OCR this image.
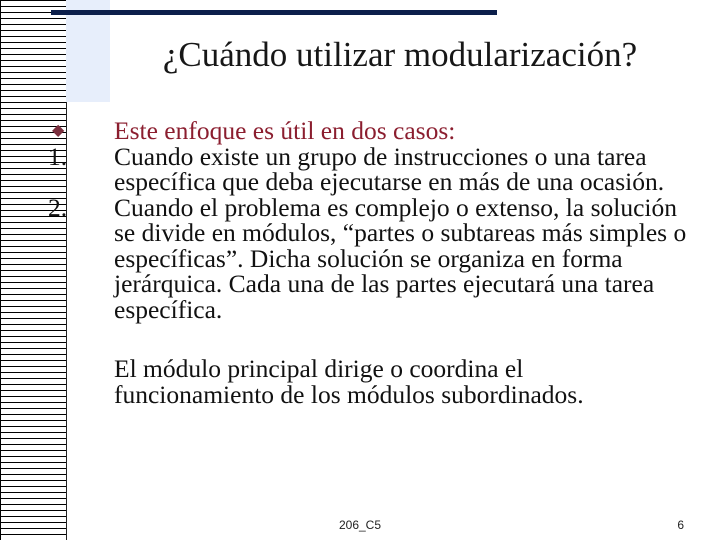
¿Cuándo utilizar modularización?
◆	Este enfoque es útil en dos casos:
1.	Cuando existe un grupo de instrucciones o una tarea específica que deba ejecutarse en más de una ocasión.
2.	Cuando el problema es complejo o extenso, la solución se divide en módulos, “partes o subtareas más simples o específicas”. Dicha solución se organiza en forma jerárquica. Cada una de las partes ejecutará una tarea específica.
El módulo principal dirige o coordina el funcionamiento de los módulos subordinados.
206_C5	6
